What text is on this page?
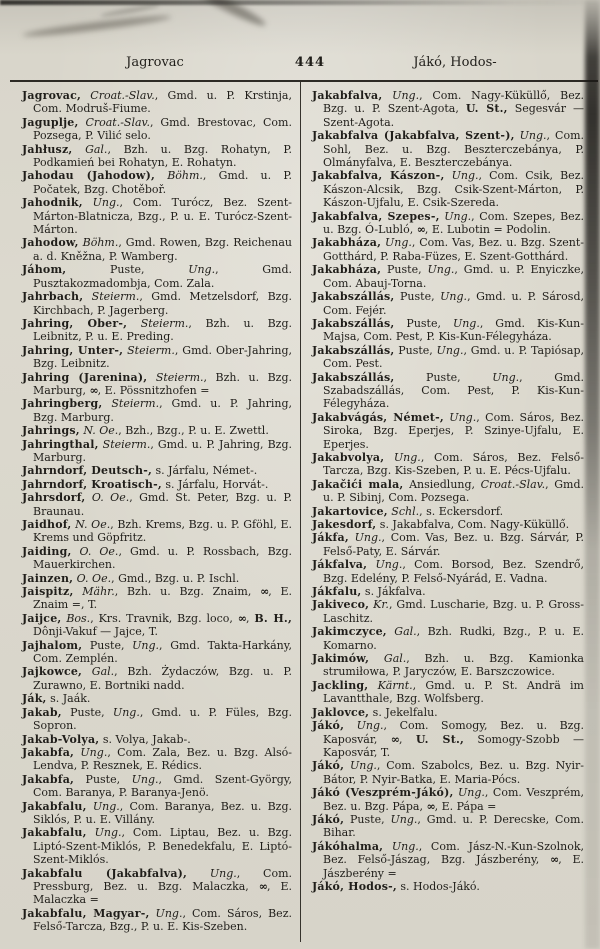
Jagrovac	444	Jákó, Hodos-

Jagrovac, Croat.-Slav., Gmd. u. P. Krstinja, Com. Modruš-Fiume.

Jaguplje, Croat.-Slav., Gmd. Brestovac, Com. Pozsega, P. Vilić selo.

Jahłusz, Gal., Bzh. u. Bzg. Rohatyn, P. Podkamień bei Rohatyn, E. Rohatyn.

Jahodau (Jahodow), Böhm., Gmd. u. P. Počatek, Bzg. Chotěboř.

Jahodnik, Ung., Com. Turócz, Bez. Szent-Márton-Blatnicza, Bzg., P. u. E. Turócz-Szent-Márton.

Jahodow, Böhm., Gmd. Rowen, Bzg. Reichenau a. d. Kněžna, P. Wamberg.

Jáhom, Puste, Ung., Gmd. Pusztakozmadombja, Com. Zala.

Jahrbach, Steierm., Gmd. Metzelsdorf, Bzg. Kirchbach, P. Jagerberg.

Jahring, Ober-, Steierm., Bzh. u. Bzg. Leibnitz, P. u. E. Preding.

Jahring, Unter-, Steierm., Gmd. Ober-Jahring, Bzg. Leibnitz.

Jahring (Jarenina), Steierm., Bzh. u. Bzg. Marburg, ∞, E. Pössnitzhofen =

Jahringberg, Steierm., Gmd. u. P. Jahring, Bzg. Marburg.

Jahrings, N. Oe., Bzh., Bzg., P. u. E. Zwettl.

Jahringthal, Steierm., Gmd. u. P. Jahring, Bzg. Marburg.

Jahrndorf, Deutsch-, s. Járfalu, Német-.

Jahrndorf, Kroatisch-, s. Járfalu, Horvát-.

Jahrsdorf, O. Oe., Gmd. St. Peter, Bzg. u. P. Braunau.

Jaidhof, N. Oe., Bzh. Krems, Bzg. u. P. Gföhl, E. Krems und Göpfritz.

Jaiding, O. Oe., Gmd. u. P. Rossbach, Bzg. Mauerkirchen.

Jainzen, O. Oe., Gmd., Bzg. u. P. Ischl.

Jaispitz, Mähr., Bzh. u. Bzg. Znaim, ∞, E. Znaim =, T.

Jaijce, Bos., Krs. Travnik, Bzg. loco, ∞, B. H., Dônji-Vakuf — Jajce, T.

Jajhalom, Puste, Ung., Gmd. Takta-Harkány, Com. Zemplén.

Jajkowce, Gal., Bzh. Żydaczów, Bzg. u. P. Zurawno, E. Bortniki nadd.

Ják, s. Jaák.

Jakab, Puste, Ung., Gmd. u. P. Füles, Bzg. Sopron.

Jakab-Volya, s. Volya, Jakab-.

Jakabfa, Ung., Com. Zala, Bez. u. Bzg. Alsó-Lendva, P. Resznek, E. Rédics.

Jakabfa, Puste, Ung., Gmd. Szent-György, Com. Baranya, P. Baranya-Jenö.

Jakabfalu, Ung., Com. Baranya, Bez. u. Bzg. Siklós, P. u. E. Villány.

Jakabfalu, Ung., Com. Liptau, Bez. u. Bzg. Liptó-Szent-Miklós, P. Benedekfalu, E. Liptó-Szent-Miklós.

Jakabfalu (Jakabfalva), Ung., Com. Pressburg, Bez. u. Bzg. Malaczka, ∞, E. Malaczka =

Jakabfalu, Magyar-, Ung., Com. Sáros, Bez. Felső-Tarcza, Bzg., P. u. E. Kis-Szeben.

Jakabfalva, Ung., Com. Nagy-Küküllő, Bez. Bzg. u. P. Szent-Agota, U. St., Segesvár — Szent-Agota.

Jakabfalva (Jakabfalva, Szent-), Ung., Com. Sohl, Bez. u. Bzg. Beszterczebánya, P. Olmányfalva, E. Beszterczebánya.

Jakabfalva, Kászon-, Ung., Com. Csik, Bez. Kászon-Alcsik, Bzg. Csik-Szent-Márton, P. Kászon-Ujfalu, E. Csik-Szereda.

Jakabfalva, Szepes-, Ung., Com. Szepes, Bez. u. Bzg. Ó-Lubló, ∞, E. Lubotin = Podolin.

Jakabháza, Ung., Com. Vas, Bez. u. Bzg. Szent-Gotthárd, P. Raba-Füzes, E. Szent-Gotthárd.

Jakabháza, Puste, Ung., Gmd. u. P. Enyiczke, Com. Abauj-Torna.

Jakabszállás, Puste, Ung., Gmd. u. P. Sárosd, Com. Fejér.

Jakabszállás, Puste, Ung., Gmd. Kis-Kun-Majsa, Com. Pest, P. Kis-Kun-Félegyháza.

Jakabszállás, Puste, Ung., Gmd. u. P. Tapiósap, Com. Pest.

Jakabszállás, Puste, Ung., Gmd. Szabadszállás, Com. Pest, P. Kis-Kun-Félegyháza.

Jakabvágás, Német-, Ung., Com. Sáros, Bez. Siroka, Bzg. Eperjes, P. Szinye-Ujfalu, E. Eperjes.

Jakabvolya, Ung., Com. Sáros, Bez. Felső-Tarcza, Bzg. Kis-Szeben, P. u. E. Pécs-Ujfalu.

Jakačići mala, Ansiedlung, Croat.-Slav., Gmd. u. P. Sibinj, Com. Pozsega.

Jakartovice, Schl., s. Eckersdorf.

Jakesdorf, s. Jakabfalva, Com. Nagy-Küküllő.

Jákfa, Ung., Com. Vas, Bez. u. Bzg. Sárvár, P. Felső-Paty, E. Sárvár.

Jákfalva, Ung., Com. Borsod, Bez. Szendrő, Bzg. Edelény, P. Felső-Nyárád, E. Vadna.

Jákfalu, s. Jákfalva.

Jakiveco, Kr., Gmd. Luscharie, Bzg. u. P. Gross-Laschitz.

Jakimczyce, Gal., Bzh. Rudki, Bzg., P. u. E. Komarno.

Jakimów, Gal., Bzh. u. Bzg. Kamionka strumiłowa, P. Jaryczów, E. Barszczowice.

Jackling, Kärnt., Gmd. u. P. St. Andrä im Lavantthale, Bzg. Wolfsberg.

Jaklovce, s. Jekelfalu.

Jákó, Ung., Com. Somogy, Bez. u. Bzg. Kaposvár, ∞, U. St., Somogy-Szobb — Kaposvár, T.

Jákó, Ung., Com. Szabolcs, Bez. u. Bzg. Nyir-Bátor, P. Nyir-Batka, E. Maria-Pócs.

Jákó (Veszprém-Jákó), Ung., Com. Veszprém, Bez. u. Bzg. Pápa, ∞, E. Pápa =

Jákó, Puste, Ung., Gmd. u. P. Derecske, Com. Bihar.

Jákóhalma, Ung., Com. Jász-N.-Kun-Szolnok, Bez. Felső-Jászag, Bzg. Jászberény, ∞, E. Jászberény =

Jákó, Hodos-, s. Hodos-Jákó.
